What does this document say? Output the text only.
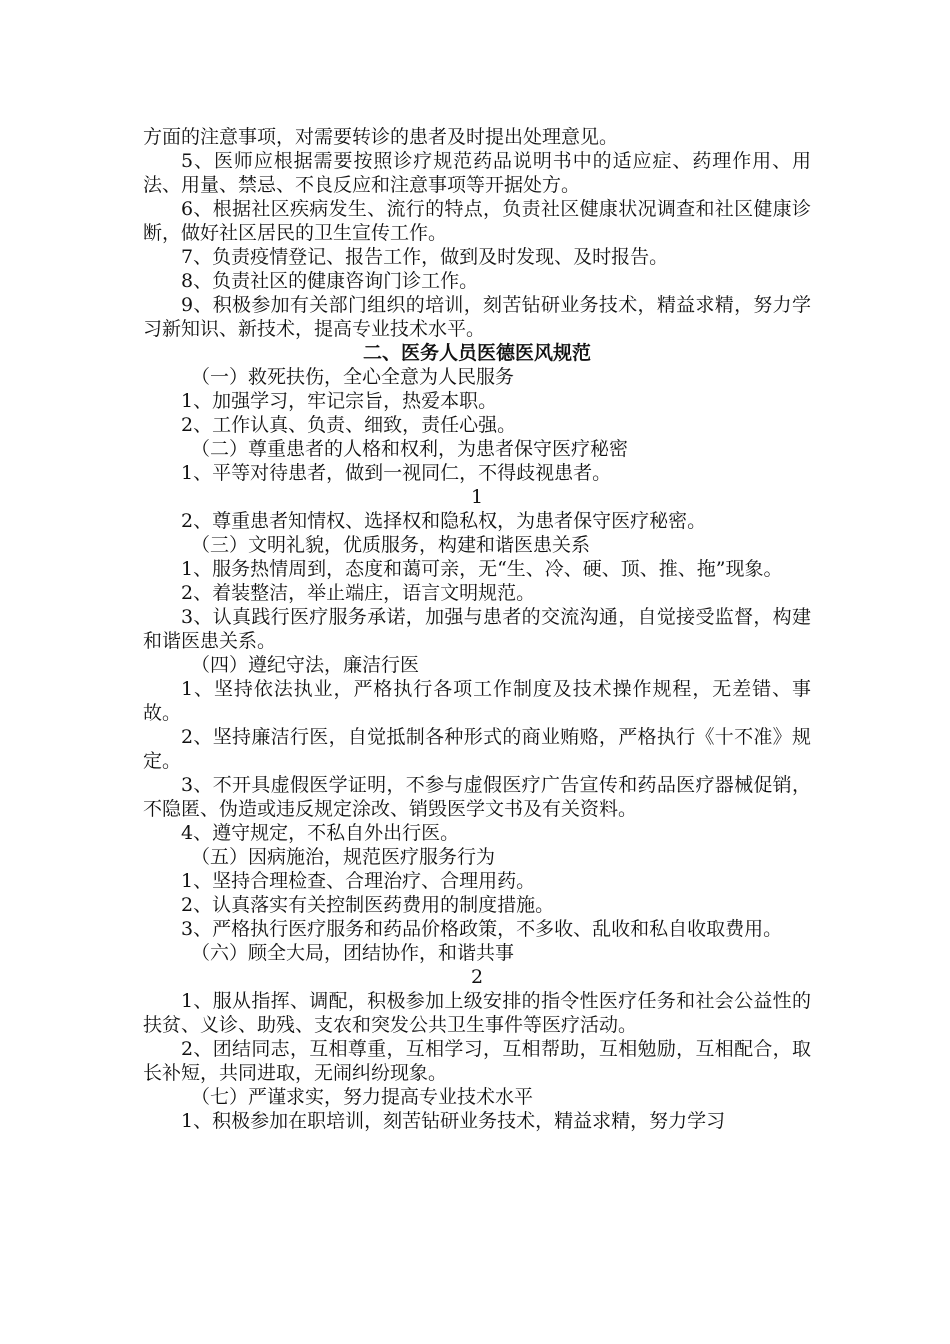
方面的注意事项，对需要转诊的患者及时提出处理意见。

5、医师应根据需要按照诊疗规范药品说明书中的适应症、药理作用、用法、用量、禁忌、不良反应和注意事项等开据处方。

6、根据社区疾病发生、流行的特点，负责社区健康状况调查和社区健康诊断，做好社区居民的卫生宣传工作。

7、负责疫情登记、报告工作，做到及时发现、及时报告。

8、负责社区的健康咨询门诊工作。

9、积极参加有关部门组织的培训，刻苦钻研业务技术，精益求精，努力学习新知识、新技术，提高专业技术水平。

二、医务人员医德医风规范

（一）救死扶伤，全心全意为人民服务

1、加强学习，牢记宗旨，热爱本职。

2、工作认真、负责、细致，责任心强。

（二）尊重患者的人格和权利，为患者保守医疗秘密

1、平等对待患者，做到一视同仁，不得歧视患者。

1

2、尊重患者知情权、选择权和隐私权，为患者保守医疗秘密。

（三）文明礼貌，优质服务，构建和谐医患关系

1、服务热情周到，态度和蔼可亲，无“生、冷、硬、顶、推、拖”现象。

2、着装整洁，举止端庄，语言文明规范。

3、认真践行医疗服务承诺，加强与患者的交流沟通，自觉接受监督，构建和谐医患关系。

（四）遵纪守法，廉洁行医

1、坚持依法执业，严格执行各项工作制度及技术操作规程，无差错、事故。

2、坚持廉洁行医，自觉抵制各种形式的商业贿赂，严格执行《十不准》规定。

3、不开具虚假医学证明，不参与虚假医疗广告宣传和药品医疗器械促销，不隐匿、伪造或违反规定涂改、销毁医学文书及有关资料。

4、遵守规定，不私自外出行医。

（五）因病施治，规范医疗服务行为

1、坚持合理检查、合理治疗、合理用药。

2、认真落实有关控制医药费用的制度措施。

3、严格执行医疗服务和药品价格政策，不多收、乱收和私自收取费用。

（六）顾全大局，团结协作，和谐共事

2

1、服从指挥、调配，积极参加上级安排的指令性医疗任务和社会公益性的扶贫、义诊、助残、支农和突发公共卫生事件等医疗活动。

2、团结同志，互相尊重，互相学习，互相帮助，互相勉励，互相配合，取长补短，共同进取，无闹纠纷现象。

（七）严谨求实，努力提高专业技术水平

1、积极参加在职培训，刻苦钻研业务技术，精益求精，努力学习
